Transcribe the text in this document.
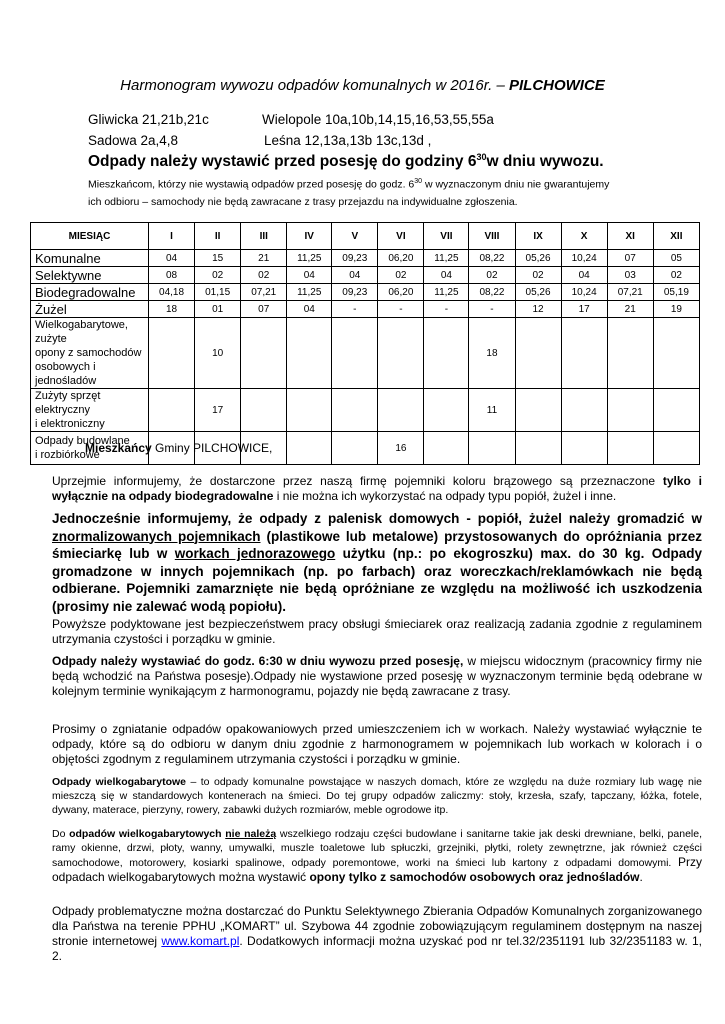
Harmonogram wywozu odpadów komunalnych w 2016r. – PILCHOWICE
Gliwicka 21,21b,21c	Wielopole 10a,10b,14,15,16,53,55,55a
Sadowa 2a,4,8	Leśna 12,13a,13b 13c,13d ,
Odpady należy wystawić przed posesję do godziny $6^{30}w$ dniu wywozu.
Mieszkańcom, którzy nie wystawią odpadów przed posesję do godz. $6^{30}$ w wyznaczonym dniu nie gwarantujemy
ich odbioru – samochody nie będą zawracane z trasy przejazdu na indywidualne zgłoszenia.
MIESIĄC	I	II	III	IV	V	VI	VII	VIII	IX	X	XI	XII
Komunalne	04	15	21	11,25	09,23	06,20	11,25	08,22	05,26	10,24	07	05
Selektywne	08	02	02	04	04	02	04	02	02	04	03	02
Biodegradowalne	04,18	01,15	07,21	11,25	09,23	06,20	11,25	08,22	05,26	10,24	07,21	05,19
Żużel	18	01	07	04	-	-	-	-	12	17	21	19

Wielkogabarytowe, zużyte
opony z samochodów
osobowych i jednośladów		10						18				

Zużyty sprzęt elektryczny
i elektroniczny		17						11				

Odpady budowlane
i rozbiórkowe						16						
Mieszkańcy Gminy PILCHOWICE,
Uprzejmie informujemy, że dostarczone przez naszą firmę pojemniki koloru brązowego są przeznaczone tylko i wyłącznie na odpady biodegradowalne i nie można ich wykorzystać na odpady typu popiół, żużel i inne.
Jednocześnie informujemy, że odpady z palenisk domowych - popiół, żużel należy gromadzić w znormalizowanych pojemnikach (plastikowe lub metalowe) przystosowanych do opróżniania przez śmieciarkę lub w workach jednorazowego użytku (np.: po ekogroszku) max. do 30 kg. Odpady gromadzone w innych pojemnikach (np. po farbach) oraz woreczkach/reklamówkach nie będą odbierane. Pojemniki zamarznięte nie będą opróżniane ze względu na możliwość ich uszkodzenia (prosimy nie zalewać wodą popiołu).
Powyższe podyktowane jest bezpieczeństwem pracy obsługi śmieciarek oraz realizacją zadania zgodnie z regulaminem utrzymania czystości i porządku w gminie.
Odpady należy wystawiać do godz. 6:30 w dniu wywozu przed posesję, w miejscu widocznym (pracownicy firmy nie będą wchodzić na Państwa posesje).Odpady nie wystawione przed posesję w wyznaczonym terminie będą odebrane w kolejnym terminie wynikającym z harmonogramu, pojazdy nie będą zawracane z trasy.
Prosimy o zgniatanie odpadów opakowaniowych przed umieszczeniem ich w workach. Należy wystawiać wyłącznie te odpady, które są do odbioru w danym dniu zgodnie z harmonogramem w pojemnikach lub workach w kolorach i o objętości zgodnym z regulaminem utrzymania czystości i porządku w gminie.
Odpady wielkogabarytowe – to odpady komunalne powstające w naszych domach, które ze względu na duże rozmiary lub wagę nie mieszczą się w standardowych kontenerach na śmieci. Do tej grupy odpadów zaliczmy: stoły, krzesła, szafy, tapczany, łóżka, fotele, dywany, materace, pierzyny, rowery, zabawki dużych rozmiarów, meble ogrodowe itp.
Do odpadów wielkogabarytowych nie należą wszelkiego rodzaju części budowlane i sanitarne takie jak deski drewniane, belki, panele, ramy okienne, drzwi, płoty, wanny, umywalki, muszle toaletowe lub spłuczki, grzejniki, płytki, rolety zewnętrzne, jak również części samochodowe, motorowery, kosiarki spalinowe, odpady poremontowe, worki na śmieci lub kartony z odpadami domowymi. Przy odpadach wielkogabarytowych można wystawić opony tylko z samochodów osobowych oraz jednośladów.
Odpady problematyczne można dostarczać do Punktu Selektywnego Zbierania Odpadów Komunalnych zorganizowanego dla Państwa na terenie PPHU „KOMART” ul. Szybowa 44 zgodnie zobowiązującym regulaminem dostępnym na naszej stronie internetowej www.komart.pl. Dodatkowych informacji można uzyskać pod nr tel.32/2351191 lub 32/2351183 w. 1, 2.
